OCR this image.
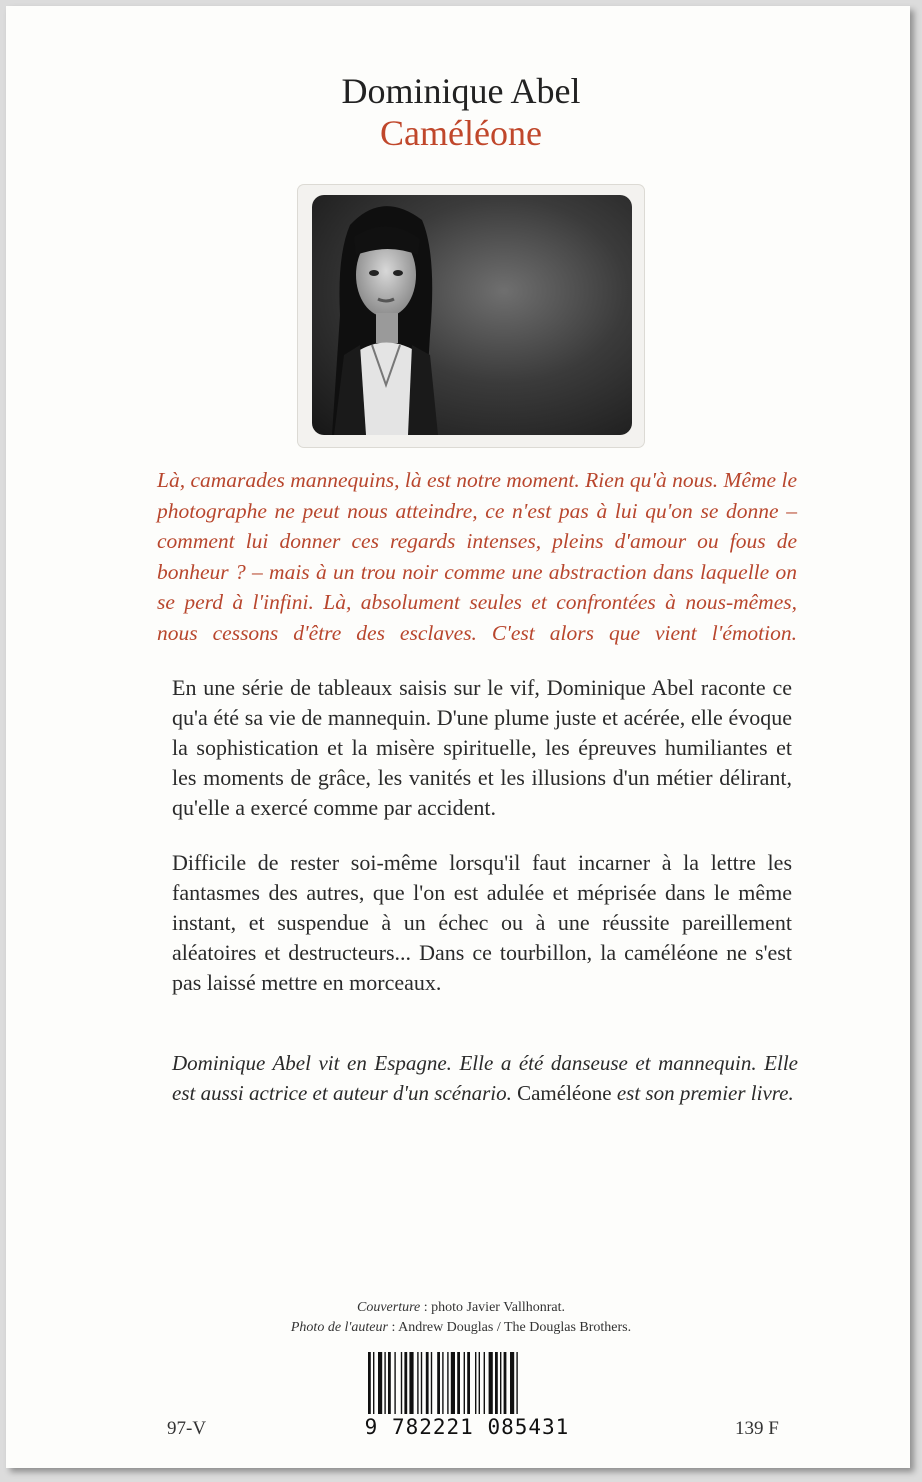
Dominique Abel
Caméléone

Là, camarades mannequins, là est notre moment. Rien qu'à nous. Même le photographe ne peut nous atteindre, ce n'est pas à lui qu'on se donne – comment lui donner ces regards intenses, pleins d'amour ou fous de bonheur ? – mais à un trou noir comme une abstraction dans laquelle on se perd à l'infini. Là, absolument seules et confrontées à nous-mêmes, nous cessons d'être des esclaves. C'est alors que vient l'émotion.

En une série de tableaux saisis sur le vif, Dominique Abel raconte ce qu'a été sa vie de mannequin. D'une plume juste et acérée, elle évoque la sophistication et la misère spirituelle, les épreuves humiliantes et les moments de grâce, les vanités et les illusions d'un métier délirant, qu'elle a exercé comme par accident.

Difficile de rester soi-même lorsqu'il faut incarner à la lettre les fantasmes des autres, que l'on est adulée et méprisée dans le même instant, et suspendue à un échec ou à une réussite pareillement aléatoires et destructeurs... Dans ce tourbillon, la caméléone ne s'est pas laissé mettre en morceaux.

Dominique Abel vit en Espagne. Elle a été danseuse et mannequin. Elle est aussi actrice et auteur d'un scénario. Caméléone est son premier livre.

Couverture : photo Javier Vallhonrat.
Photo de l'auteur : Andrew Douglas / The Douglas Brothers.
9 782221 085431
97-V	139 F
